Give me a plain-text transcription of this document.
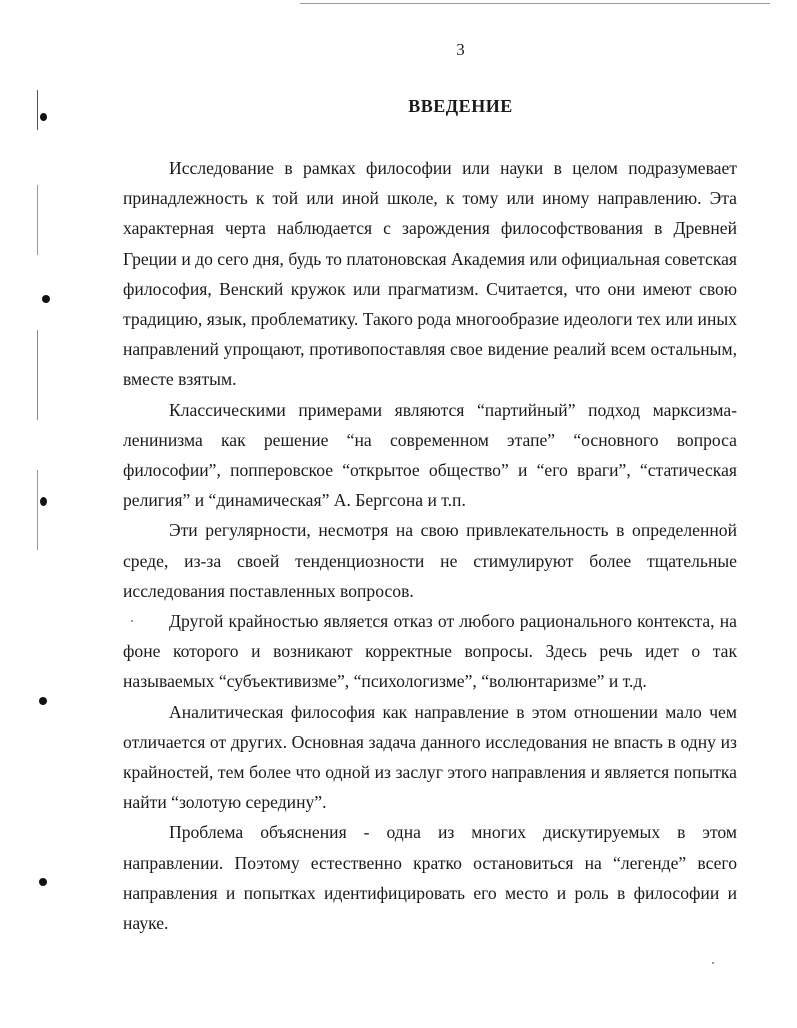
3
ВВЕДЕНИЕ

Исследование в рамках философии или науки в целом подразумевает принадлежность к той или иной школе, к тому или иному направлению. Эта характерная черта наблюдается с зарождения философствования в Древней Греции и до сего дня, будь то платоновская Академия или официальная советская философия, Венский кружок или прагматизм. Считается, что они имеют свою традицию, язык, проблематику. Такого рода многообразие идеологи тех или иных направлений упрощают, противопоставляя свое видение реалий всем остальным, вместе взятым.

Классическими примерами являются “партийный” подход марксизма-ленинизма как решение “на современном этапе” “основного вопроса философии”, попперовское “открытое общество” и “его враги”, “статическая религия” и “динамическая” А. Бергсона и т.п.

Эти регулярности, несмотря на свою привлекательность в определенной среде, из-за своей тенденциозности не стимулируют более тщательные исследования поставленных вопросов.

Другой крайностью является отказ от любого рационального контекста, на фоне которого и возникают корректные вопросы. Здесь речь идет о так называемых “субъективизме”, “психологизме”, “волюнтаризме” и т.д.

Аналитическая философия как направление в этом отношении мало чем отличается от других. Основная задача данного исследования не впасть в одну из крайностей, тем более что одной из заслуг этого направления и является попытка найти “золотую середину”.

Проблема объяснения - одна из многих дискутируемых в этом направлении. Поэтому естественно кратко остановиться на “легенде” всего направления и попытках идентифицировать его место и роль в философии и науке.
